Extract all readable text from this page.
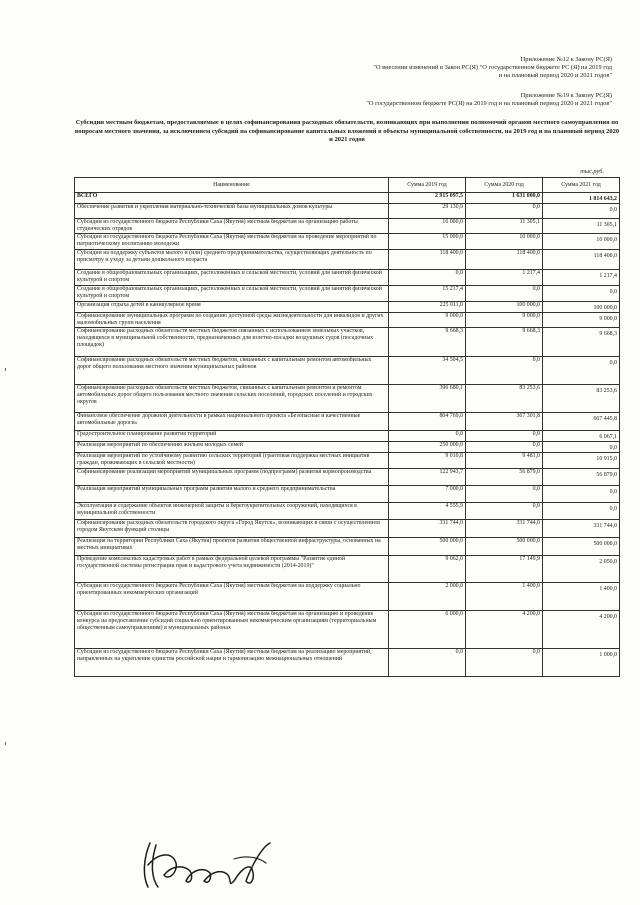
Приложение №12 к Закону РС(Я)
"О внесении изменений в Закон РС(Я) "О государственном бюджете РС (Я) на 2019 год
и на плановый период 2020 и 2021 годов"
Приложение №19 к Закону РС(Я)
"О государственном бюджете РС(Я) на 2019 год и на плановый период 2020 и 2021 годов"
Субсидии местным бюджетам, предоставляемые в целях софинансирования расходных обязательств, возникающих при выполнении полномочий органов местного самоуправления по вопросам местного значения, за исключением субсидий на софинансирование капитальных вложений в объекты муниципальной собственности, на 2019 год и на плановый период 2020 и 2021 годов
тыс.руб.
Наименование	Сумма 2019 год	Сумма 2020 год	Сумма 2021 год
ВСЕГО	2 915 097,5	1 631 000,0	1 814 643,2
Обеспечение развития и укрепления материально-технической базы муниципальных домов культуры	29 130,9	0,0	0,0
Субсидии из государственного бюджета Республики Саха (Якутия) местным бюджетам на организацию работы студенческих отрядов	16 000,0	11 305,1	11 305,1
Субсидии из государственного бюджета Республики Саха (Якутия) местным бюджетам на проведение мероприятий по патриотическому воспитанию молодежи	15 000,0	10 000,0	10 000,0
Субсидии на поддержку субъектов малого и (или) среднего предпринимательства, осуществляющих деятельность по присмотру и уходу за детьми дошкольного возраста	118 400,0	118 400,0	118 400,0
Создание в общеобразовательных организациях, расположенных в сельской местности, условий для занятий физической культурой и спортом	0,0	1 217,4	1 217,4
Создание в общеобразовательных организациях, расположенных в сельской местности, условий для занятий физической культурой и спортом	15 217,4	0,0	0,0
Организация отдыха детей в каникулярное время	225 011,0	100 000,0	100 000,0
Софинансирование муниципальных программ по созданию доступной среды жизнедеятельности для инвалидов и других маломобильных групп населения	9 000,0	9 000,0	9 000,0
Софинансирование расходных обязательств местных бюджетов связанных с использованием земельных участков, находящихся в муниципальной собственности, предназначенных для взлетно-посадки воздушных судов (посадочных площадок)	9 668,3	9 668,3	9 668,3
Софинансирование расходных обязательств местных бюджетов, связанных с капитальным ремонтом автомобильных дорог общего пользования местного значения муниципальных районов	34 504,5	0,0	0,0
Софинансирование расходных обязательств местных бюджетов, связанных с капитальным ремонтом и ремонтом автомобильных дорог общего пользования местного значения сельских поселений, городских поселений и городских округов	396 680,1	83 253,6	83 253,6
Финансовое обеспечение дорожной деятельности в рамках национального проекта «Безопасные и качественные автомобильные дороги»	804 769,0	367 301,8	667 445,8
Градостроительное планирование развития территорий	0,0	0,0	6 067,1
Реализация мероприятий по обеспечению жильем молодых семей	250 000,0	0,0	0,0
Реализация мероприятий по устойчивому развитию сельских территорий (грантовая поддержка местных инициатив граждан, проживающих в сельской местности)	9 010,8	9 481,0	10 915,0
Софинансирование реализации мероприятий муниципальных программ (подпрограмм) развития кормопроизводства	122 943,7	56 879,0	56 879,0
Реализация мероприятий муниципальных программ развития малого и среднего предпринимательства	7 000,0	0,0	0,0
Эксплуатация и содержание объектов инженерной защиты и берегоукрепительных сооружений, находящихся в муниципальной собственности	4 555,9	0,0	0,0
Софинансирование расходных обязательств городского округа «Город Якутск», возникающих в связи с осуществлением городом Якутском функций столицы	331 744,0	331 744,0	331 744,0
Реализация на территории Республики Саха (Якутия) проектов развития общественной инфраструктуры, основанных на местных инициативах	500 000,0	500 000,0	500 000,0
Проведение комплексных кадастровых работ в рамках федеральной целевой программы "Развитие единой государственной системы регистрации прав и кадастрового учета недвижимости (2014-2019)"	9 062,0	17 149,9	2 050,0
Субсидии из государственного бюджета Республики Саха (Якутия) местным бюджетам на поддержку социально ориентированных некоммерческих организаций	2 000,0	1 400,0	1 400,0
Субсидии из государственного бюджета Республики Саха (Якутия) местным бюджетам на организацию и проведение конкурса на предоставление субсидий социально ориентированным некоммерческим организациям (территориальным общественным самоуправлениям) в муниципальных районах	6 000,0	4 200,0	4 200,0
Субсидии из государственного бюджета Республики Саха (Якутия) местным бюджетам на реализацию мероприятий, направленных на укрепление единства российской нации и гармонизацию межнациональных отношений	0,0	0,0	1 000,0
